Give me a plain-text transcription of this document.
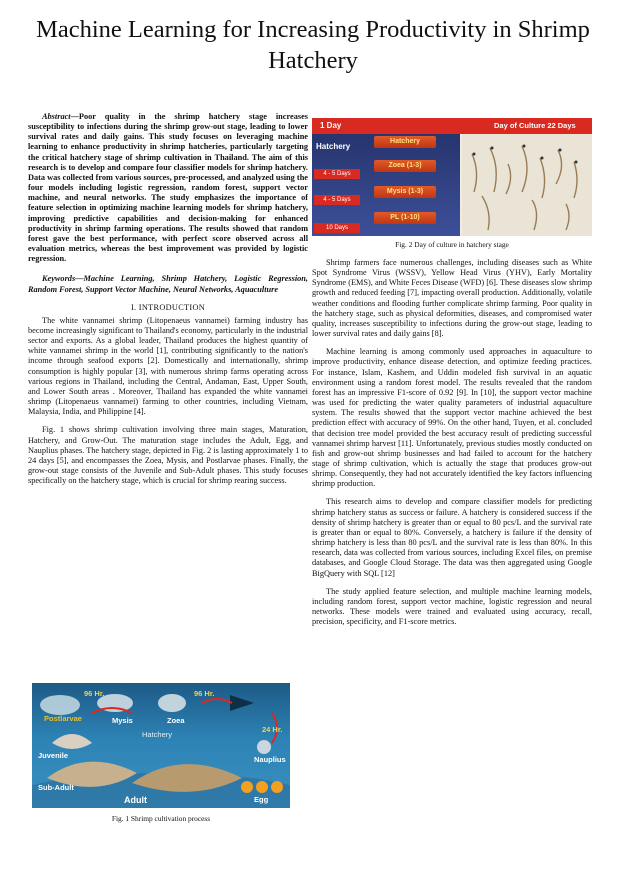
Machine Learning for Increasing Productivity in Shrimp Hatchery

Abstract—Poor quality in the shrimp hatchery stage increases susceptibility to infections during the shrimp grow-out stage, leading to lower survival rates and daily gains. This study focuses on leveraging machine learning to enhance productivity in shrimp hatcheries, particularly targeting the critical hatchery stage of shrimp cultivation in Thailand. The aim of this research is to develop and compare four classifier models for shrimp hatchery. Data was collected from various sources, pre-processed, and analyzed using the four models including logistic regression, random forest, support vector machine, and neural networks. The study emphasizes the importance of feature selection in optimizing machine learning models for shrimp hatchery, improving predictive capabilities and decision-making for enhanced productivity in shrimp farming operations. The results showed that random forest gave the best performance, with perfect score observed across all evaluation metrics, whereas the best improvement was provided by logistic regression.

Keywords—Machine Learning, Shrimp Hatchery, Logistic Regression, Random Forest, Support Vector Machine, Neural Networks, Aquaculture

I. INTRODUCTION

The white vannamei shrimp (Litopenaeus vannamei) farming industry has become increasingly significant to Thailand's economy, particularly in the industrial sector and exports. As a global leader, Thailand produces the highest quantity of white vannamei shrimp in the world [1], contributing significantly to the nation's income through seafood exports [2]. Domestically and internationally, shrimp consumption is highly popular [3], with numerous shrimp farms operating across various regions in Thailand, including the Central, Andaman, East, Upper South, and Lower South areas . Moreover, Thailand has expanded the white vannamei shrimp (Litopenaeus vannamei) farming to other countries, including Vietnam, Malaysia, India, and Philippine [4].

Fig. 1 shows shrimp cultivation involving three main stages, Maturation, Hatchery, and Grow-Out. The maturation stage includes the Adult, Egg, and Nauplius phases. The hatchery stage, depicted in Fig. 2 is lasting approximately 1 to 24 days [5], and encompasses the Zoea, Mysis, and Postlarvae phases. Finally, the grow-out stage consists of the Juvenile and Sub-Adult phases. This study focuses specifically on the hatchery stage, which is crucial for shrimp rearing success.

Postlarvae	Mysis	Zoea
Hatchery
96 Hr.	96 Hr.
24 Hr.
Juvenile	Nauplius
Sub-Adult
Adult	Egg
Fig. 1 Shrimp cultivation process
1 Day	Day of Culture 22 Days
Hatchery
Hatchery
Zoea (1-3)
Mysis (1-3)
PL (1-10)
4 - 5 Days
4 - 5 Days
10 Days
Fig. 2 Day of culture in hatchery stage

Shrimp farmers face numerous challenges, including diseases such as White Spot Syndrome Virus (WSSV), Yellow Head Virus (YHV), Early Mortality Syndrome (EMS), and White Feces Disease (WFD) [6]. These diseases slow shrimp growth and reduced feeding [7], impacting overall production. Additionally, volatile weather conditions and flooding further complicate shrimp farming. Poor quality in the hatchery stage, such as physical deformities, diseases, and compromised water quality, increases susceptibility to infections during the grow-out stage, leading to lower survival rates and daily gains [8].

Machine learning is among commonly used approaches in aquaculture to improve productivity, enhance disease detection, and optimize feeding practices. For instance, Islam, Kashem, and Uddin modeled fish survival in an aquatic environment using a random forest model. The results revealed that the random forest has an impressive F1-score of 0.92 [9]. In [10], the support vector machine was used for predicting the water quality parameters of industrial aquaculture system. The results showed that the support vector machine achieved the best prediction effect with accuracy of 99%. On the other hand, Tuyen, et al. concluded that decision tree model provided the best accuracy result of predicting successful vannamei shrimp harvest [11]. Unfortunately, previous studies mostly conducted on fish and grow-out shrimp businesses and had failed to account for the hatchery stage of shrimp cultivation, which is actually the stage that produces grow-out shrimp. Consequently, they had not accurately identified the key factors influencing shrimp production.

This research aims to develop and compare classifier models for predicting shrimp hatchery status as success or failure. A hatchery is considered success if the density of shrimp hatchery is greater than or equal to 80 pcs/L and the survival rate is greater than or equal to 80%. Conversely, a hatchery is failure if the density of shrimp hatchery is less than 80 pcs/L and the survival rate is less than 80%. In this research, data was collected from various sources, including Excel files, on premise databases, and Google Cloud Storage. The data was then aggregated using Google BigQuery with SQL [12]

The study applied feature selection, and multiple machine learning models, including random forest, support vector machine, logistic regression and neural networks. These models were trained and evaluated using accuracy, recall, precision, specificity, and F1-score metrics.
